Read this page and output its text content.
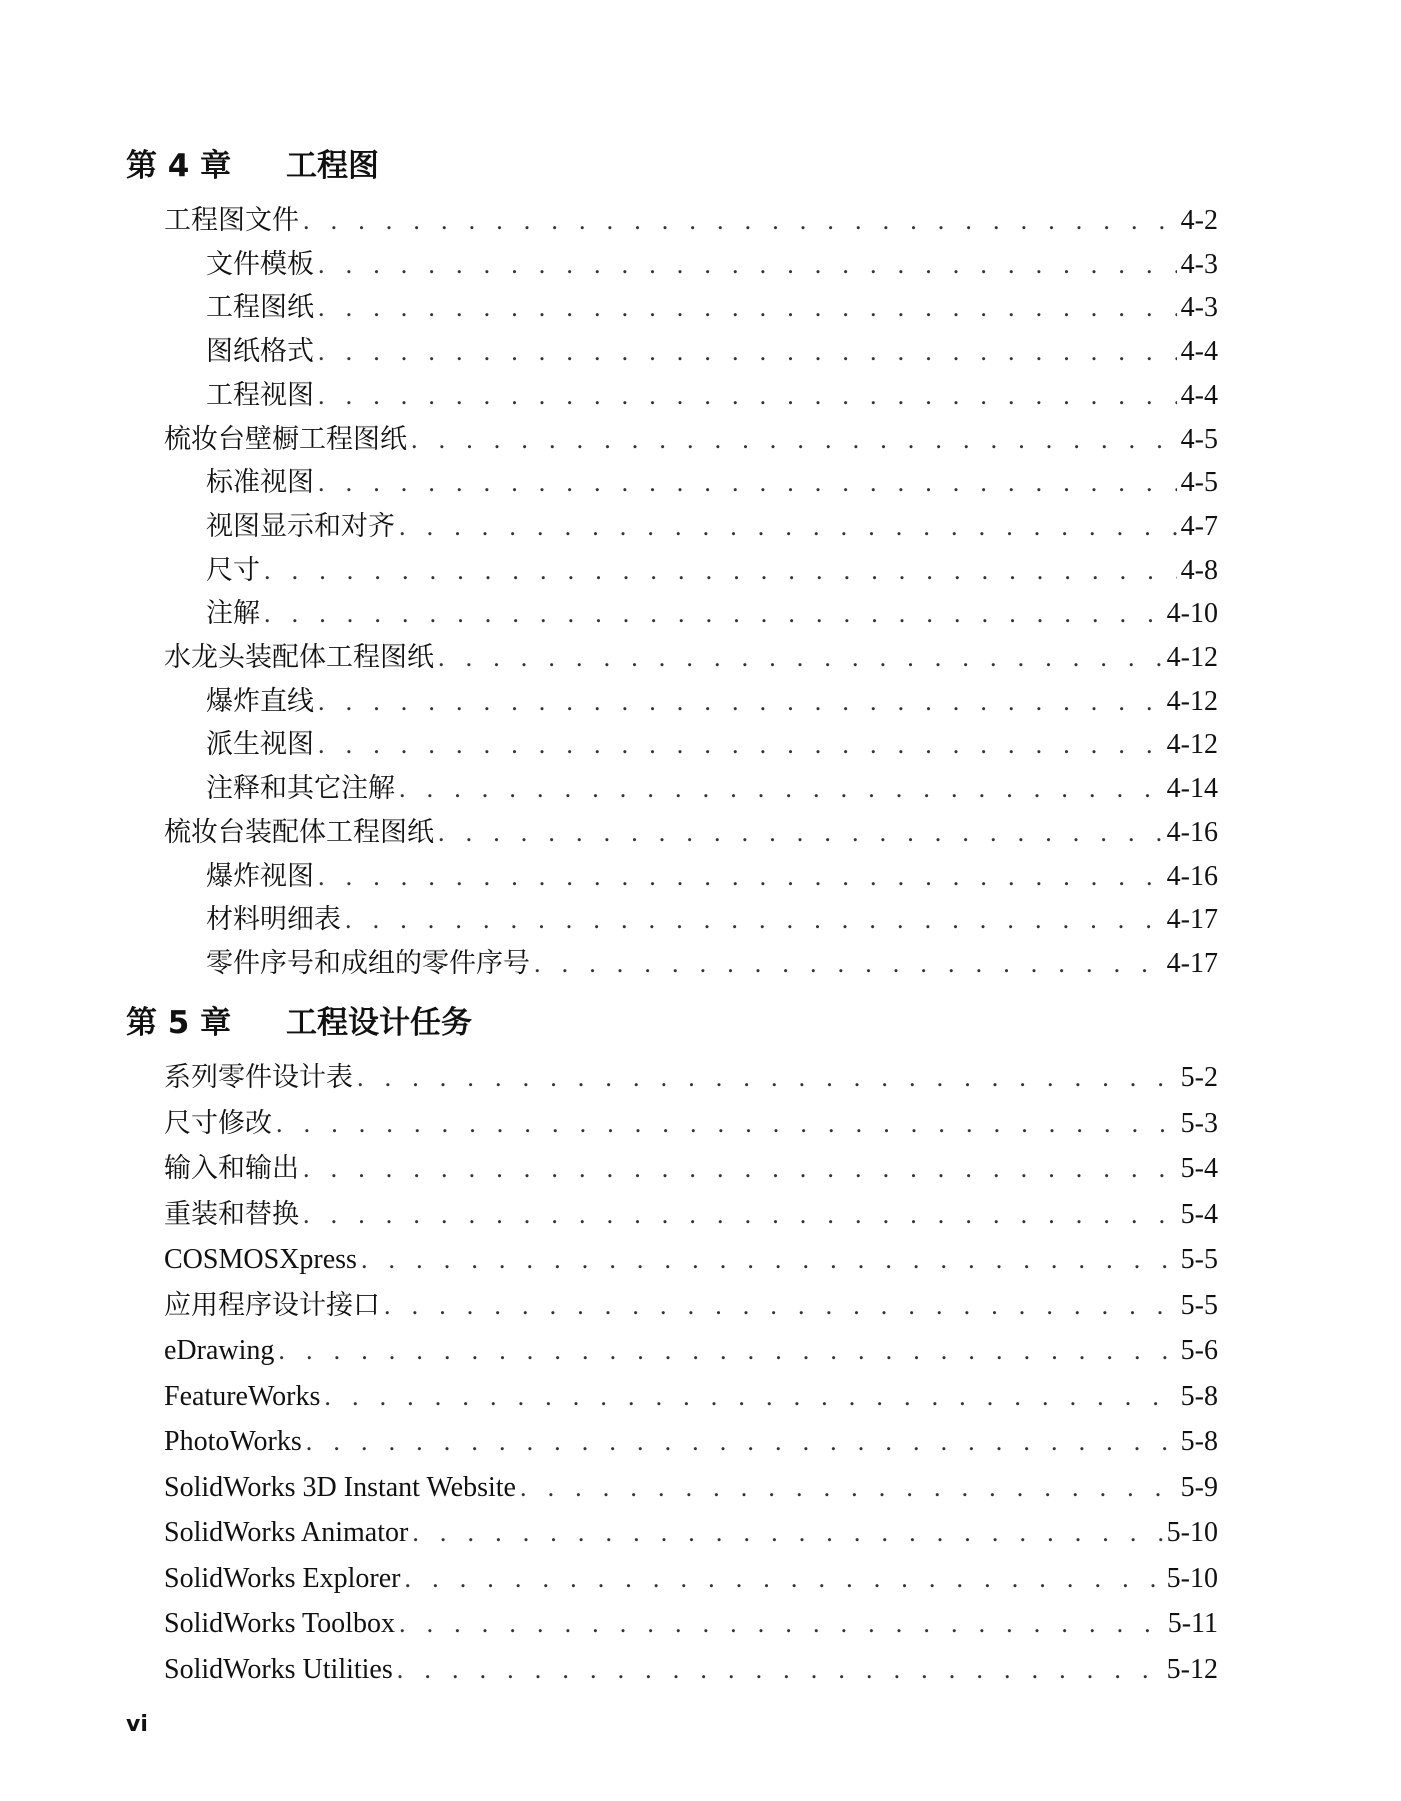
第 4 章 工程图
工程图文件 . . .	4-2
文件模板 . . .	4-3
工程图纸 . . .	4-3
图纸格式 . . .	4-4
工程视图 . . .	4-4
梳妆台壁橱工程图纸 . . .	4-5
标准视图 . . .	4-5
视图显示和对齐 . . .	4-7
尺寸 . . .	4-8
注解 . . .	4-10
水龙头装配体工程图纸 . . .	4-12
爆炸直线 . . .	4-12
派生视图 . . .	4-12
注释和其它注解 . . .	4-14
梳妆台装配体工程图纸 . . .	4-16
爆炸视图 . . .	4-16
材料明细表 . . .	4-17
零件序号和成组的零件序号 . . .	4-17
第 5 章 工程设计任务
系列零件设计表 . . .	5-2
尺寸修改 . . .	5-3
输入和输出 . . .	5-4
重装和替换 . . .	5-4
COSMOSXpress . . .	5-5
应用程序设计接口 . . .	5-5
eDrawing . . .	5-6
FeatureWorks . . .	5-8
PhotoWorks . . .	5-8
SolidWorks 3D Instant Website . . .	5-9
SolidWorks Animator . . .	5-10
SolidWorks Explorer . . .	5-10
SolidWorks Toolbox . . .	5-11
SolidWorks Utilities . . .	5-12
vi
